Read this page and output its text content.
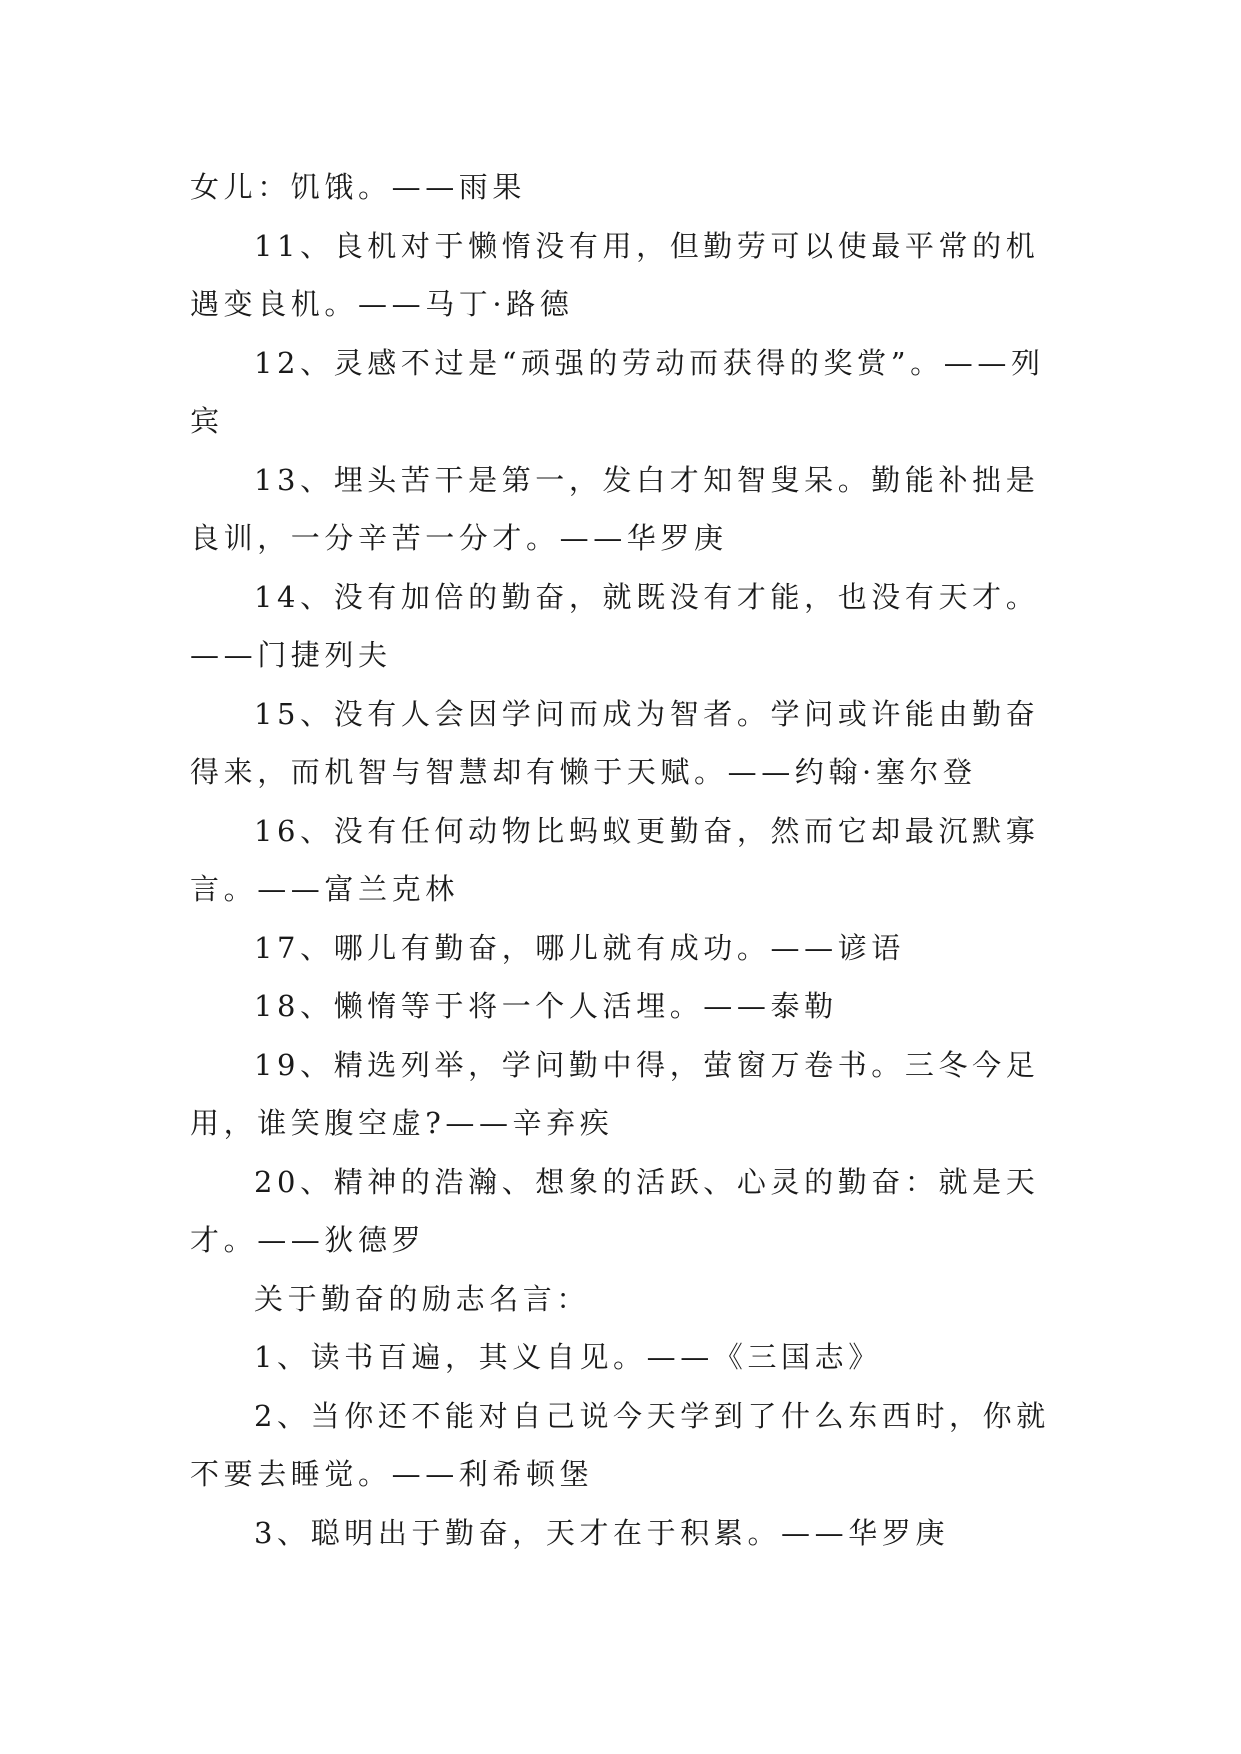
女儿：饥饿。——雨果

11、良机对于懒惰没有用，但勤劳可以使最平常的机遇变良机。——马丁·路德

12、灵感不过是“顽强的劳动而获得的奖赏”。——列宾

13、埋头苦干是第一，发白才知智叟呆。勤能补拙是良训，一分辛苦一分才。——华罗庚

14、没有加倍的勤奋，就既没有才能，也没有天才。——门捷列夫

15、没有人会因学问而成为智者。学问或许能由勤奋得来，而机智与智慧却有懒于天赋。——约翰·塞尔登

16、没有任何动物比蚂蚁更勤奋，然而它却最沉默寡言。——富兰克林

17、哪儿有勤奋，哪儿就有成功。——谚语

18、懒惰等于将一个人活埋。——泰勒

19、精选列举，学问勤中得，萤窗万卷书。三冬今足用，谁笑腹空虚?——辛弃疾

20、精神的浩瀚、想象的活跃、心灵的勤奋：就是天才。——狄德罗

关于勤奋的励志名言：

1、读书百遍，其义自见。——《三国志》

2、当你还不能对自己说今天学到了什么东西时，你就不要去睡觉。——利希顿堡

3、聪明出于勤奋，天才在于积累。——华罗庚
